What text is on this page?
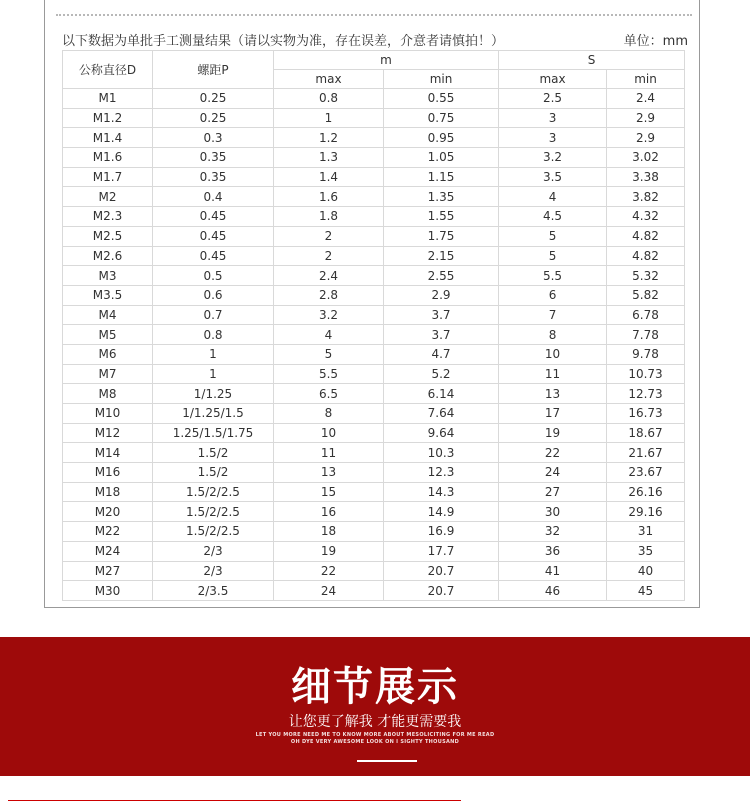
以下数据为单批手工测量结果（请以实物为准，存在误差，介意者请慎拍！）	单位：mm
公称直径D	螺距P	m		S	
		max	min	max	min
M1	0.25	0.8	0.55	2.5	2.4
M1.2	0.25	1	0.75	3	2.9
M1.4	0.3	1.2	0.95	3	2.9
M1.6	0.35	1.3	1.05	3.2	3.02
M1.7	0.35	1.4	1.15	3.5	3.38
M2	0.4	1.6	1.35	4	3.82
M2.3	0.45	1.8	1.55	4.5	4.32
M2.5	0.45	2	1.75	5	4.82
M2.6	0.45	2	2.15	5	4.82
M3	0.5	2.4	2.55	5.5	5.32
M3.5	0.6	2.8	2.9	6	5.82
M4	0.7	3.2	3.7	7	6.78
M5	0.8	4	3.7	8	7.78
M6	1	5	4.7	10	9.78
M7	1	5.5	5.2	11	10.73
M8	1/1.25	6.5	6.14	13	12.73
M10	1/1.25/1.5	8	7.64	17	16.73
M12	1.25/1.5/1.75	10	9.64	19	18.67
M14	1.5/2	11	10.3	22	21.67
M16	1.5/2	13	12.3	24	23.67
M18	1.5/2/2.5	15	14.3	27	26.16
M20	1.5/2/2.5	16	14.9	30	29.16
M22	1.5/2/2.5	18	16.9	32	31
M24	2/3	19	17.7	36	35
M27	2/3	22	20.7	41	40
M30	2/3.5	24	20.7	46	45
细节展示
让您更了解我 才能更需要我
LET YOU MORE NEED ME TO KNOW MORE ABOUT MESOLICITING FOR ME READ
OH DYE VERY AWESOME LOOK ON I SIGHTY THOUSAND
